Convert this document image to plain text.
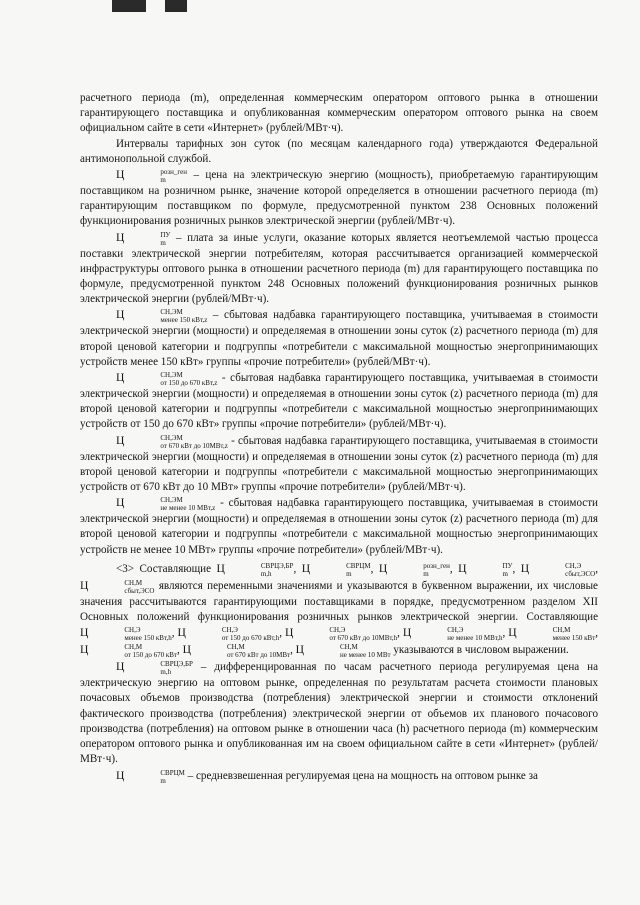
расчетного периода (m), определенная коммерческим оператором оптового рынка в отношении гарантирующего поставщика и опубликованная коммерческим оператором оптового рынка на своем официальном сайте в сети «Интернет» (рублей/МВт·ч).

Интервалы тарифных зон суток (по месяцам календарного года) утверждаются Федеральной антимонопольной службой.

Ц	розн_ген
m	– цена на электрическую энергию (мощность), приобретаемую гарантирующим поставщиком на розничном рынке, значение которой определяется в отношении расчетного периода (m) гарантирующим поставщиком по формуле, предусмотренной пунктом 238 Основных положений функционирования розничных рынков электрической энергии (рублей/МВт·ч).

Ц	ПУ
m – плата за иные услуги, оказание которых является неотъемлемой частью процесса поставки электрической энергии потребителям, которая рассчитывается организацией коммерческой инфраструктуры оптового рынка в отношении расчетного периода (m) для гарантирующего поставщика по формуле, предусмотренной пунктом 248 Основных положений функционирования розничных рынков электрической энергии (рублей/МВт·ч).

Ц	СН,ЭМ
менее 150 кВт,z – сбытовая надбавка гарантирующего поставщика, учитываемая в стоимости электрической энергии (мощности) и определяемая в отношении зоны суток (z) расчетного периода (m) для второй ценовой категории и подгруппы «потребители с максимальной мощностью энергопринимающих устройств менее 150 кВт» группы «прочие потребители» (рублей/МВт·ч).

Ц	СН,ЭМ
от 150 до 670 кВт,z - сбытовая надбавка гарантирующего поставщика, учитываемая в стоимости электрической энергии (мощности) и определяемая в отношении зоны суток (z) расчетного периода (m) для второй ценовой категории и подгруппы «потребители с максимальной мощностью энергопринимающих устройств от 150 до 670 кВт» группы «прочие потребители» (рублей/МВт·ч).

Ц	СН,ЭМ
от 670 кВт до 10МВт,z - сбытовая надбавка гарантирующего поставщика, учитываемая в стоимости электрической энергии (мощности) и определяемая в отношении зоны суток (z) расчетного периода (m) для второй ценовой категории и подгруппы «потребители с максимальной мощностью энергопринимающих устройств от 670 кВт до 10 МВт» группы «прочие потребители» (рублей/МВт·ч).

Ц	СН,ЭМ
не менее 10 МВт,z - сбытовая надбавка гарантирующего поставщика, учитываемая в стоимости электрической энергии (мощности) и определяемая в отношении зоны суток (z) расчетного периода (m) для второй ценовой категории и подгруппы «потребители с максимальной мощностью энергопринимающих устройств не менее 10 МВт» группы «прочие потребители» (рублей/МВт·ч).

<3> Составляющие Ц	СВРЦЭ,БР
m,h	, Ц	СВРЦМ
m	, Ц	розн_ген
m	, Ц	ПУ
m , Ц	СН,Э
сбыт,ЭСО , Ц	СН,М
сбыт,ЭСО являются переменными значениями и указываются в буквенном выражении, их числовые значения рассчитываются гарантирующими поставщиками в порядке, предусмотренном разделом XII Основных положений функционирования розничных рынков электрической энергии. Составляющие Ц	СН,Э
менее 150 кВт,h , Ц	СН,Э
от 150 до 670 кВт,h , Ц	СН,Э
от 670 кВт до 10МВт,h , Ц	СН,Э
не менее 10 МВт,h , Ц	СН,М
менее 150 кВт , Ц	СН,М
от 150 до 670 кВт , Ц	СН,М
от 670 кВт до 10МВт , Ц	СН,М
не менее 10 МВт указываются в числовом выражении.

Ц	СВРЦЭ,БР
m,h	– дифференцированная по часам расчетного периода регулируемая цена на электрическую энергию на оптовом рынке, определенная по результатам расчета стоимости плановых почасовых объемов производства (потребления) электрической энергии и стоимости отклонений фактического производства (потребления) электрической энергии от объемов их планового почасового производства (потребления) на оптовом рынке в отношении часа (h) расчетного периода (m) коммерческим оператором оптового рынка и опубликованная им на своем официальном сайте в сети «Интернет» (рублей/МВт·ч).

Ц	СВРЦМ
m	– средневзвешенная регулируемая цена на мощность на оптовом рынке за
